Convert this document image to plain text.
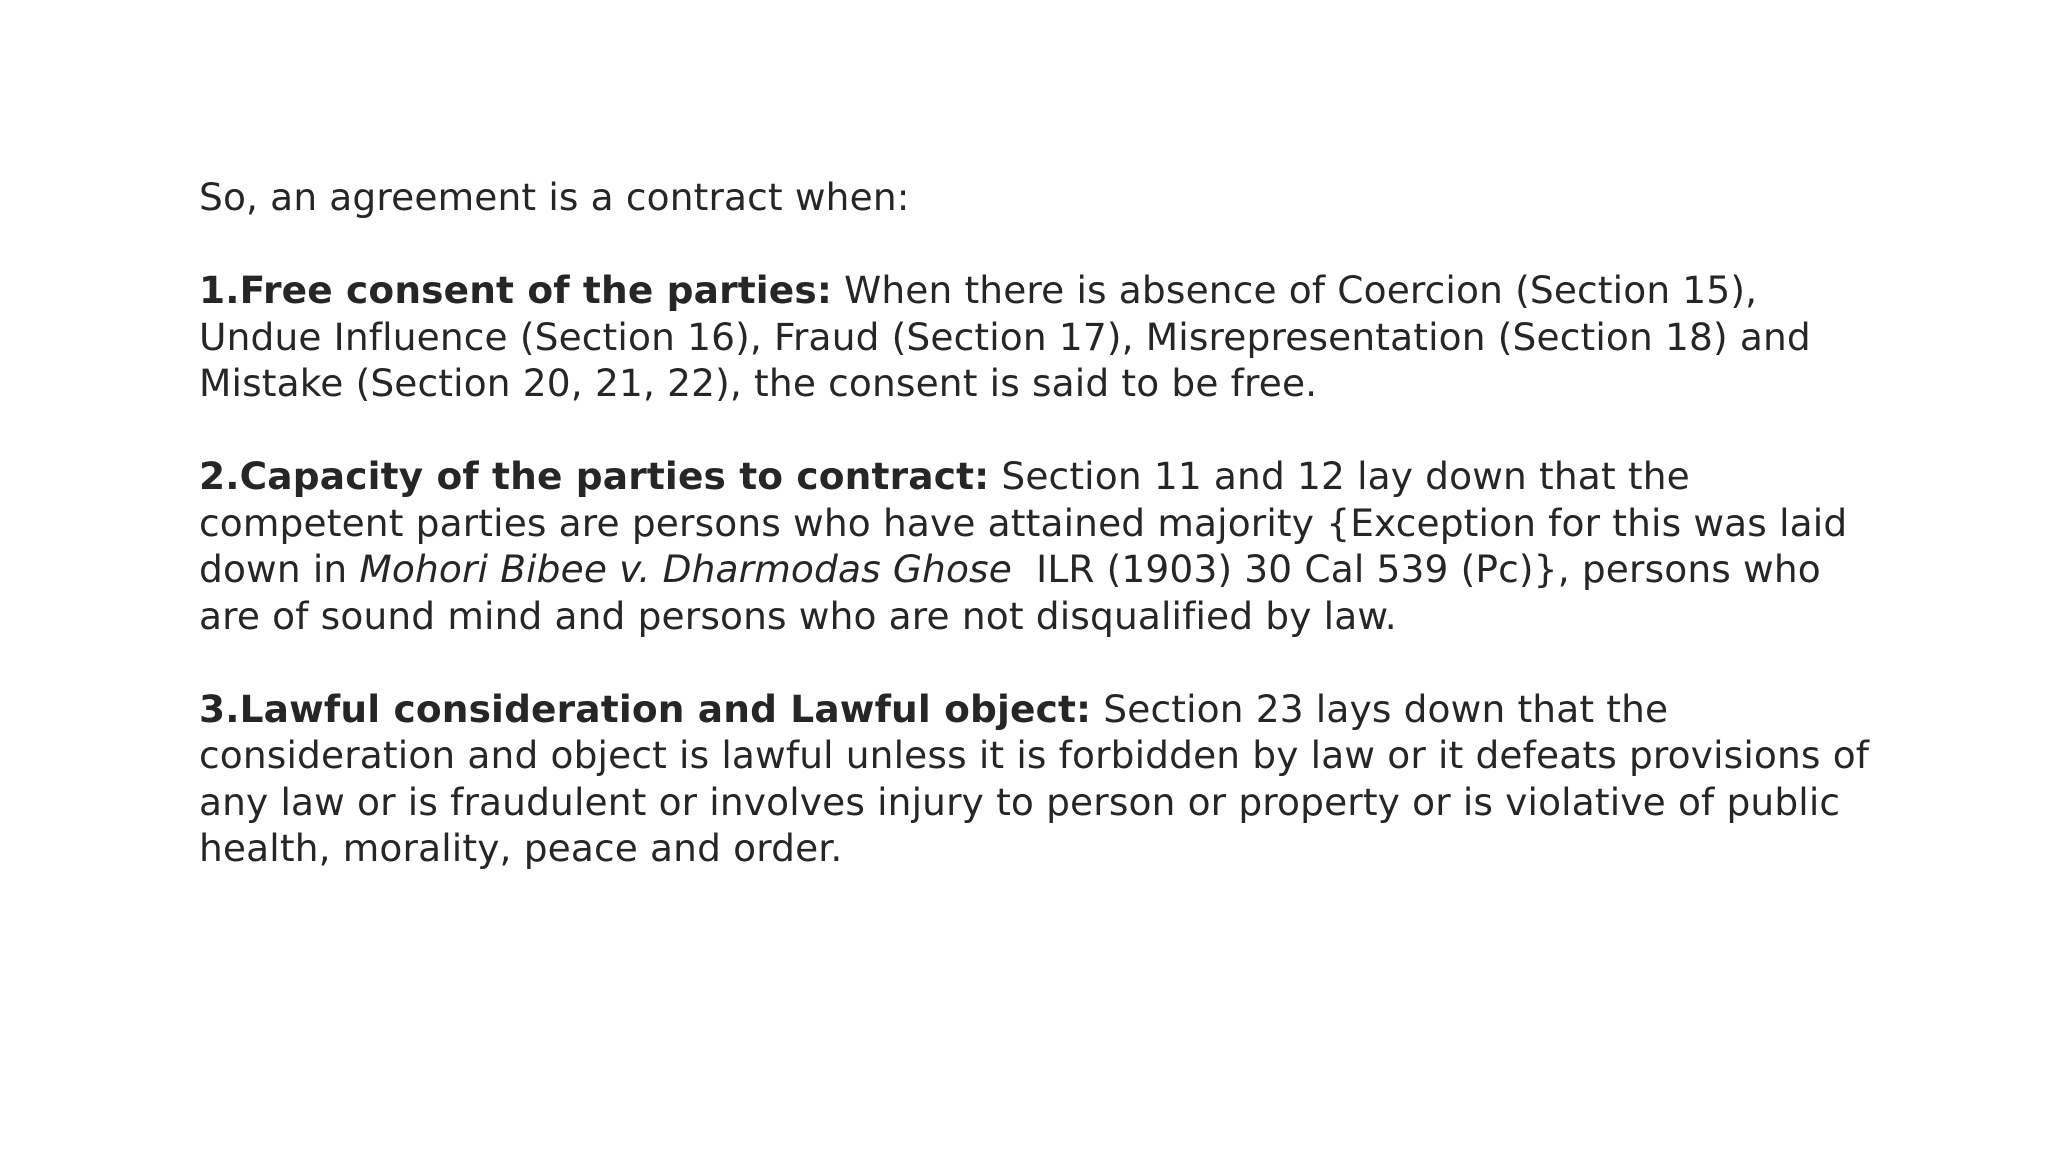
So, an agreement is a contract when:

1.Free consent of the parties: When there is absence of Coercion (Section 15), Undue Influence (Section 16), Fraud (Section 17), Misrepresentation (Section 18) and Mistake (Section 20, 21, 22), the consent is said to be free.

2.Capacity of the parties to contract: Section 11 and 12 lay down that the competent parties are persons who have attained majority {Exception for this was laid down in Mohori Bibee v. Dharmodas Ghose  ILR (1903) 30 Cal 539 (Pc)}, persons who are of sound mind and persons who are not disqualified by law.

3.Lawful consideration and Lawful object: Section 23 lays down that the consideration and object is lawful unless it is forbidden by law or it defeats provisions of any law or is fraudulent or involves injury to person or property or is violative of public health, morality, peace and order.
